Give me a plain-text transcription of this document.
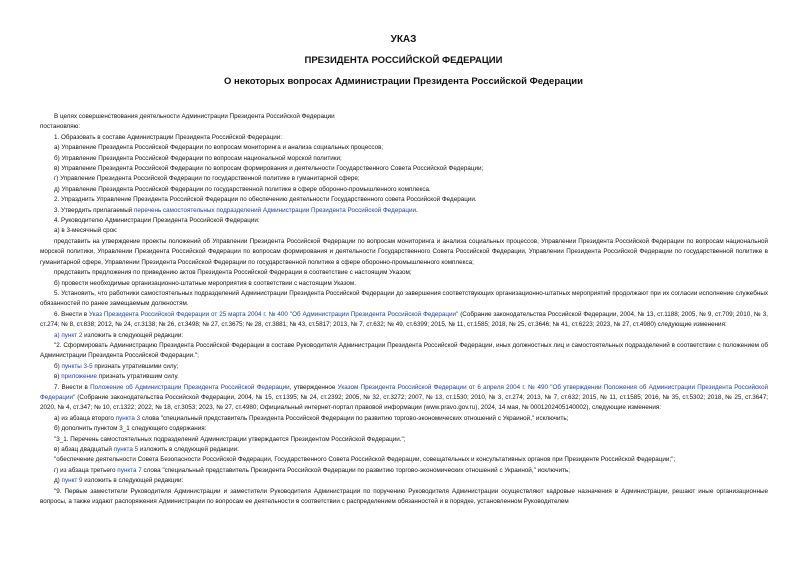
УКАЗ
ПРЕЗИДЕНТА РОССИЙСКОЙ ФЕДЕРАЦИИ
О некоторых вопросах Администрации Президента Российской Федерации

В целях совершенствования деятельности Администрации Президента Российской Федерации

постановляю:

1. Образовать в составе Администрации Президента Российской Федерации:

а) Управление Президента Российской Федерации по вопросам мониторинга и анализа социальных процессов;

б) Управление Президента Российской Федерации по вопросам национальной морской политики;

в) Управление Президента Российской Федерации по вопросам формирования и деятельности Государственного Совета Российской Федерации;

г) Управление Президента Российской Федерации по государственной политике в гуманитарной сфере;

д) Управление Президента Российской Федерации по государственной политике в сфере оборонно-промышленного комплекса.

2. Упразднить Управление Президента Российской Федерации по обеспечению деятельности Государственного совета Российской Федерации.

3. Утвердить прилагаемый перечень самостоятельных подразделений Администрации Президента Российской Федерации.

4. Руководителю Администрации Президента Российской Федерации:

а) в 3-месячный срок:

представить на утверждение проекты положений об Управлении Президента Российской Федерации по вопросам мониторинга и анализа социальных процессов, Управлении Президента Российской Федерации по вопросам национальной морской политики, Управлении Президента Российской Федерации по вопросам формирования и деятельности Государственного Совета Российской Федерации, Управлении Президента Российской Федерации по государственной политике в гуманитарной сфере, Управлении Президента Российской Федерации по государственной политике в сфере оборонно-промышленного комплекса;

представить предложения по приведению актов Президента Российской Федерации в соответствие с настоящим Указом;

б) провести необходимые организационно-штатные мероприятия в соответствии с настоящим Указом.

5. Установить, что работники самостоятельных подразделений Администрации Президента Российской Федерации до завершения соответствующих организационно-штатных мероприятий продолжают при их согласии исполнение служебных обязанностей по ранее замещаемым должностям.

6. Внести в Указ Президента Российской Федерации от 25 марта 2004 г. № 400 "Об Администрации Президента Российской Федерации" (Собрание законодательства Российской Федерации, 2004, № 13, ст.1188; 2005, № 9, ст.709; 2010, № 3, ст.274; № 8, ст.838; 2012, № 24, ст.3138; № 26, ст.3498; № 27, ст.3675; № 28, ст.3881; № 43, ст.5817; 2013, № 7, ст.632; № 49, ст.6399; 2015, № 11, ст.1585; 2018, № 25, ст.3646; № 41, ст.6223; 2023, № 27, ст.4980) следующие изменения:

а) пункт 2 изложить в следующей редакции:

"2. Сформировать Администрацию Президента Российской Федерации в составе Руководителя Администрации Президента Российской Федерации, иных должностных лиц и самостоятельных подразделений в соответствии с положением об Администрации Президента Российской Федерации.";

б) пункты 3-5 признать утратившими силу;

в) приложение признать утратившим силу.

7. Внести в Положение об Администрации Президента Российской Федерации, утвержденное Указом Президента Российской Федерации от 6 апреля 2004 г. № 490 "Об утверждении Положения об Администрации Президента Российской Федерации" (Собрание законодательства Российской Федерации, 2004, № 15, ст.1395; № 24, ст.2392; 2005, № 32, ст.3272; 2007, № 13, ст.1530; 2010, № 3, ст.274; 2013, № 7, ст.632; 2015, № 11, ст.1585; 2016, № 35, ст.5302; 2018, № 25, ст.3647; 2020, № 4, ст.347; № 10, ст.1322; 2022, № 18, ст.3053; 2023, № 27, ст.4980; Официальный интернет-портал правовой информации (www.pravo.gov.ru), 2024, 14 мая, № 0001202405140002), следующие изменения:

а) из абзаца второго пункта 3 слова "специальный представитель Президента Российской Федерации по развитию торгово-экономических отношений с Украиной," исключить;

б) дополнить пунктом 3_1 следующего содержания:

"3_1. Перечень самостоятельных подразделений Администрации утверждается Президентом Российской Федерации.";

в) абзац двадцатый пункта 5 изложить в следующей редакции:

"обеспечение деятельности Совета Безопасности Российской Федерации, Государственного Совета Российской Федерации, совещательных и консультативных органов при Президенте Российской Федерации;";

г) из абзаца третьего пункта 7 слова "специальный представитель Президента Российской Федерации по развитию торгово-экономических отношений с Украиной," исключить;

д) пункт 9 изложить в следующей редакции:

"9. Первые заместители Руководителя Администрации и заместители Руководителя Администрации по поручению Руководителя Администрации осуществляют кадровые назначения в Администрации, решают иные организационные вопросы, а также издают распоряжения Администрации по вопросам ее деятельности в соответствии с распределением обязанностей и в порядке, установленном Руководителем
